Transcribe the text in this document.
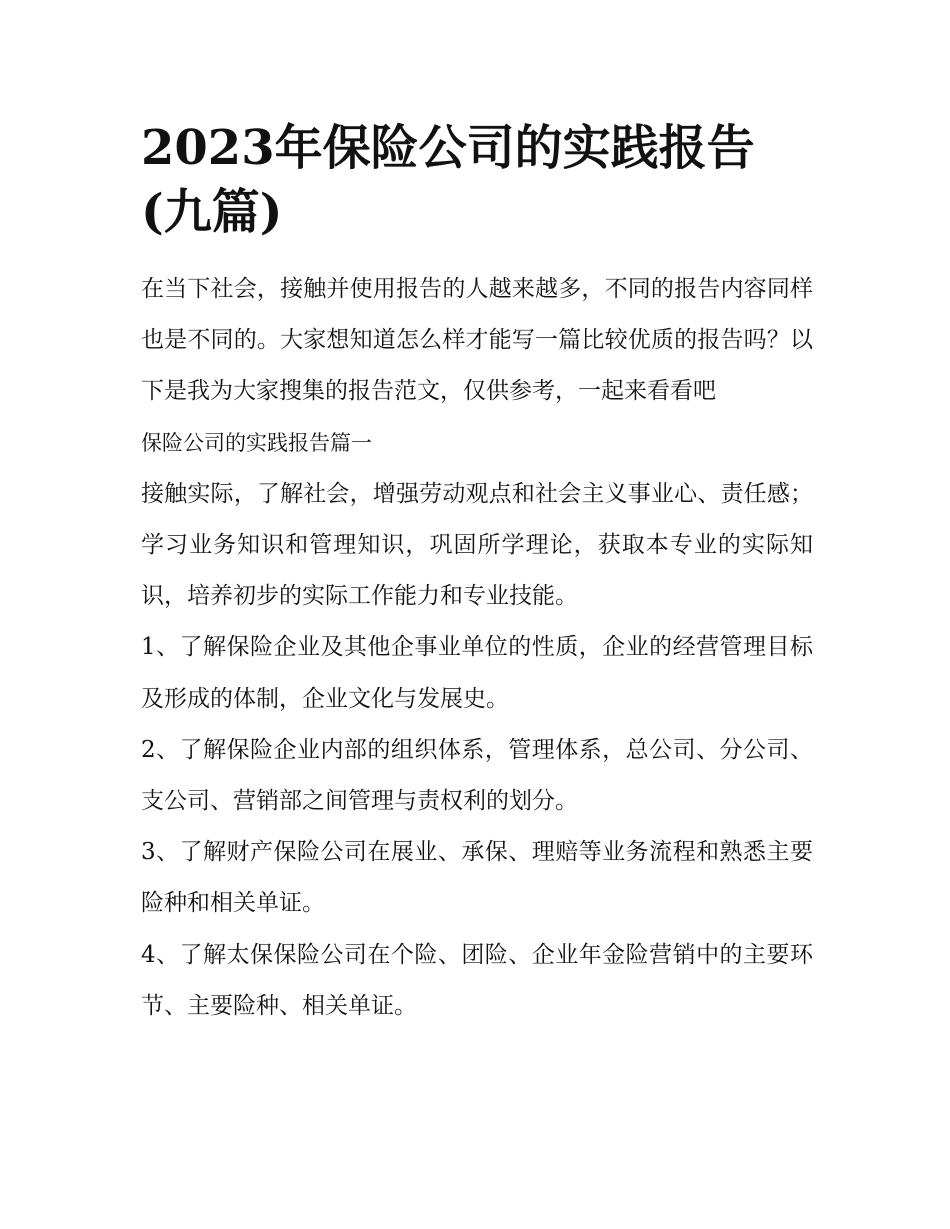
2023年保险公司的实践报告(九篇)

在当下社会，接触并使用报告的人越来越多，不同的报告内容同样也是不同的。大家想知道怎么样才能写一篇比较优质的报告吗？以下是我为大家搜集的报告范文，仅供参考，一起来看看吧

保险公司的实践报告篇一

接触实际，了解社会，增强劳动观点和社会主义事业心、责任感；学习业务知识和管理知识，巩固所学理论，获取本专业的实际知识，培养初步的实际工作能力和专业技能。

1、了解保险企业及其他企事业单位的性质，企业的经营管理目标及形成的体制，企业文化与发展史。

2、了解保险企业内部的组织体系，管理体系，总公司、分公司、支公司、营销部之间管理与责权利的划分。

3、了解财产保险公司在展业、承保、理赔等业务流程和熟悉主要险种和相关单证。

4、了解太保保险公司在个险、团险、企业年金险营销中的主要环节、主要险种、相关单证。
